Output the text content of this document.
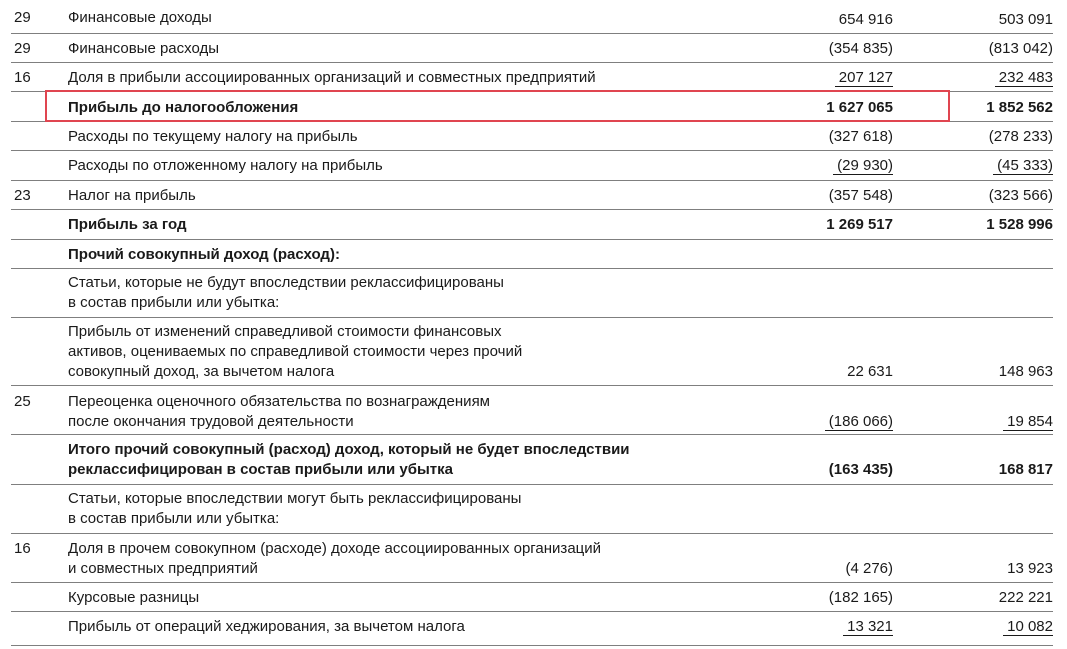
29 Финансовые доходы	654 916	503 091
29 Финансовые расходы	(354 835)	(813 042)
16 Доля в прибыли ассоциированных организаций и совместных предприятий	207 127	232 483
Прибыль до налогообложения	1 627 065	1 852 562
Расходы по текущему налогу на прибыль	(327 618)	(278 233)
Расходы по отложенному налогу на прибыль	(29 930)	(45 333)
23 Налог на прибыль	(357 548)	(323 566)
Прибыль за год	1 269 517	1 528 996
Прочий совокупный доход (расход):
Статьи, которые не будут впоследствии реклассифицированы
в состав прибыли или убытка:
Прибыль от изменений справедливой стоимости финансовых
активов, оцениваемых по справедливой стоимости через прочий
совокупный доход, за вычетом налога	22 631	148 963
25 Переоценка оценочного обязательства по вознаграждениям
после окончания трудовой деятельности	(186 066)	19 854
Итого прочий совокупный (расход) доход, который не будет впоследствии
реклассифицирован в состав прибыли или убытка	(163 435)	168 817
Статьи, которые впоследствии могут быть реклассифицированы
в состав прибыли или убытка:
16 Доля в прочем совокупном (расходе) доходе ассоциированных организаций
и совместных предприятий	(4 276)	13 923
Курсовые разницы	(182 165)	222 221
Прибыль от операций хеджирования, за вычетом налога	13 321	10 082
